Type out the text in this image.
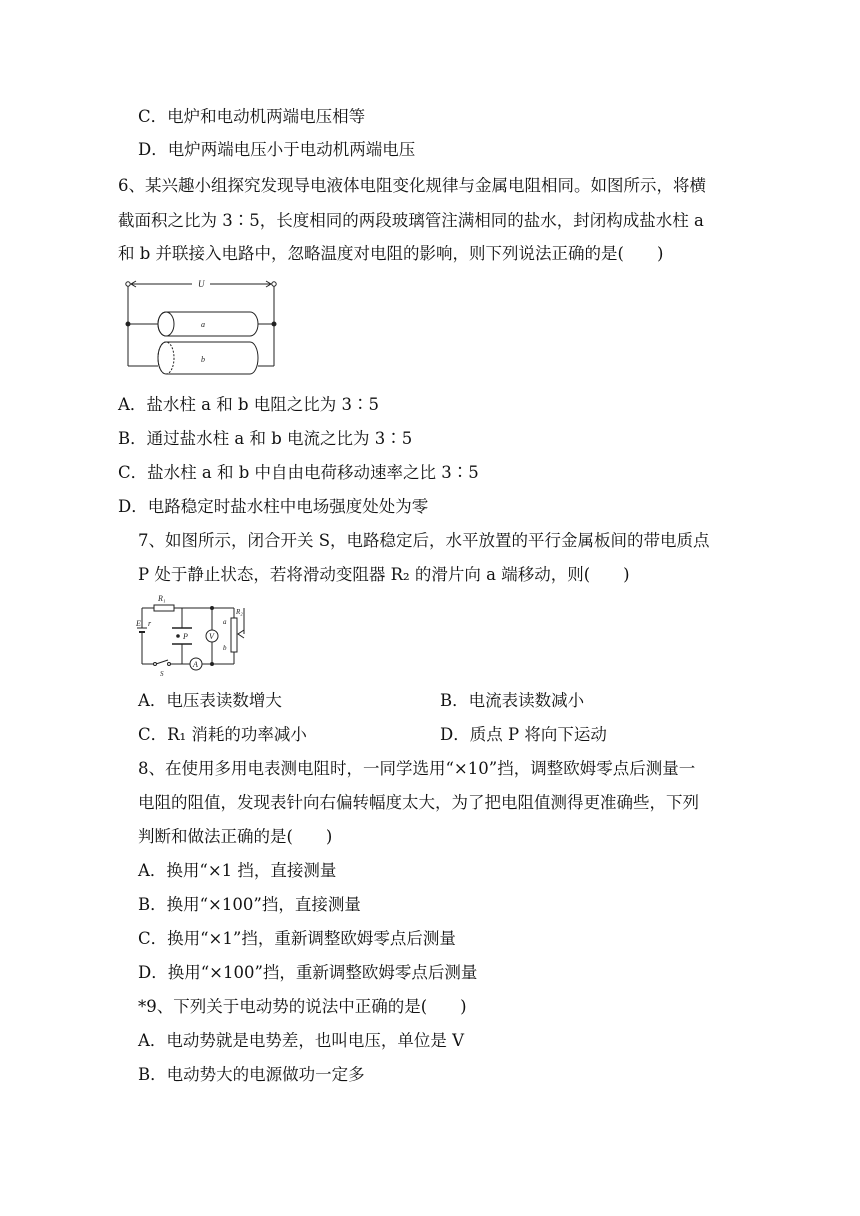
C．电炉和电动机两端电压相等
D．电炉两端电压小于电动机两端电压
6、某兴趣小组探究发现导电液体电阻变化规律与金属电阻相同。如图所示，将横
截面积之比为 3∶5，长度相同的两段玻璃管注满相同的盐水，封闭构成盐水柱 a
和 b 并联接入电路中，忽略温度对电阻的影响，则下列说法正确的是(　　)
U
a
b
A．盐水柱 a 和 b 电阻之比为 3∶5
B．通过盐水柱 a 和 b 电流之比为 3∶5
C．盐水柱 a 和 b 中自由电荷移动速率之比 3∶5
D．电路稳定时盐水柱中电场强度处处为零
7、如图所示，闭合开关 S，电路稳定后，水平放置的平行金属板间的带电质点
P 处于静止状态，若将滑动变阻器 R₂ 的滑片向 a 端移动，则(　　)
R₁
E r
S
A
P	V
R₂
a
b
A．电压表读数增大	B．电流表读数减小
C．R₁ 消耗的功率减小	D．质点 P 将向下运动
8、在使用多用电表测电阻时，一同学选用“×10”挡，调整欧姆零点后测量一
电阻的阻值，发现表针向右偏转幅度太大，为了把电阻值测得更准确些，下列
判断和做法正确的是(　　)
A．换用“×1 挡，直接测量
B．换用“×100”挡，直接测量
C．换用“×1”挡，重新调整欧姆零点后测量
D．换用“×100”挡，重新调整欧姆零点后测量
*9、下列关于电动势的说法中正确的是(　　)
A．电动势就是电势差，也叫电压，单位是 V
B．电动势大的电源做功一定多
